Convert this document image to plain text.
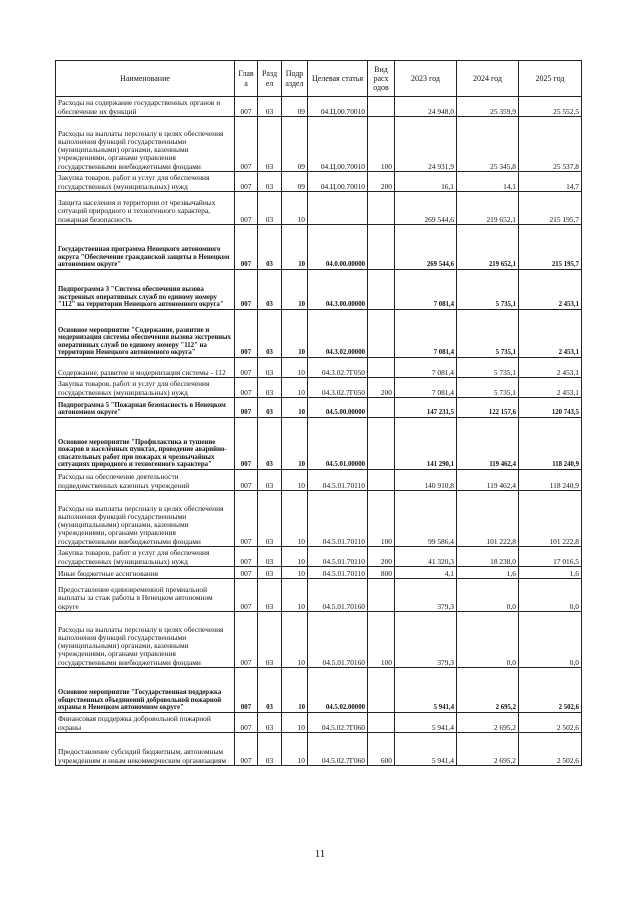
Наименование	Глав а	Разд ел	Подр аздел	Целевая статья	Вид расх одов	2023 год	2024 год	2025 год
Расходы на содержание государственных органов и обеспечение их функций	007	03	09	04.Ц.00.70010		24 948,0	25 359,9	25 552,5
Расходы на выплаты персоналу в целях обеспечения выполнения функций государственными (муниципальными) органами, казенными учреждениями, органами управления государственными внебюджетными фондами	007	03	09	04.Ц.00.70010	100	24 931,9	25 345,8	25 537,8
Закупка товаров, работ и услуг для обеспечения государственных (муниципальных) нужд	007	03	09	04.Ц.00.70010	200	16,1	14,1	14,7
Защита населения и территории от чрезвычайных ситуаций природного и техногенного характера, пожарная безопасность	007	03	10			269 544,6	219 652,1	215 195,7
Государственная программа Ненецкого автономного округа "Обеспечение гражданской защиты в Ненецком автономном округе"	007	03	10	04.0.00.00000		269 544,6	219 652,1	215 195,7
Подпрограмма 3 "Система обеспечения вызова экстренных оперативных служб по единому номеру "112" на территории Ненецкого автономного округа"	007	03	10	04.3.00.00000		7 081,4	5 735,1	2 453,1
Основное мероприятие "Содержание, развитие и модернизация системы обеспечения вызова экстренных оперативных служб по единому номеру "112" на территории Ненецкого автономного округа"	007	03	10	04.3.02.00000		7 081,4	5 735,1	2 453,1
Содержание, развитие и модернизация системы - 112	007	03	10	04.3.02.7Г050		7 081,4	5 735,1	2 453,1
Закупка товаров, работ и услуг для обеспечения государственных (муниципальных) нужд	007	03	10	04.3.02.7Г050	200	7 081,4	5 735,1	2 453,1
Подпрограмма 5 "Пожарная безопасность в Ненецком автономном округе"	007	03	10	04.5.00.00000		147 231,5	122 157,6	120 743,5
Основное мероприятие "Профилактика и тушение пожаров в населённых пунктах, проведение аварийно-спасательных работ при пожарах и чрезвычайных ситуациях природного и техногенного характера"	007	03	10	04.5.01.00000		141 290,1	119 462,4	118 240,9
Расходы на обеспечение деятельности подведомственных казенных учреждений	007	03	10	04.5.01.70110		140 910,8	119 462,4	118 240,9
Расходы на выплаты персоналу в целях обеспечения выполнения функций государственными (муниципальными) органами, казенными учреждениями, органами управления государственными внебюджетными фондами	007	03	10	04.5.01.70110	100	99 586,4	101 222,8	101 222,8
Закупка товаров, работ и услуг для обеспечения государственных (муниципальных) нужд	007	03	10	04.5.01.70110	200	41 320,3	18 238,0	17 016,5
Иные бюджетные ассигнования	007	03	10	04.5.01.70110	800	4,1	1,6	1,6
Предоставление единовременной премиальной выплаты за стаж работы в Ненецком автономном округе	007	03	10	04.5.01.70160		379,3	0,0	0,0
Расходы на выплаты персоналу в целях обеспечения выполнения функций государственными (муниципальными) органами, казенными учреждениями, органами управления государственными внебюджетными фондами	007	03	10	04.5.01.70160	100	379,3	0,0	0,0
Основное мероприятие "Государственная поддержка общественных объединений добровольной пожарной охраны в Ненецком автономном округе"	007	03	10	04.5.02.00000		5 941,4	2 695,2	2 502,6
Финансовая поддержка добровольной пожарной охраны	007	03	10	04.5.02.7Г060		5 941,4	2 695,2	2 502,6
Предоставление субсидий бюджетным, автономным учреждениям и иным некоммерческим организациям	007	03	10	04.5.02.7Г060	600	5 941,4	2 695,2	2 502,6
11
